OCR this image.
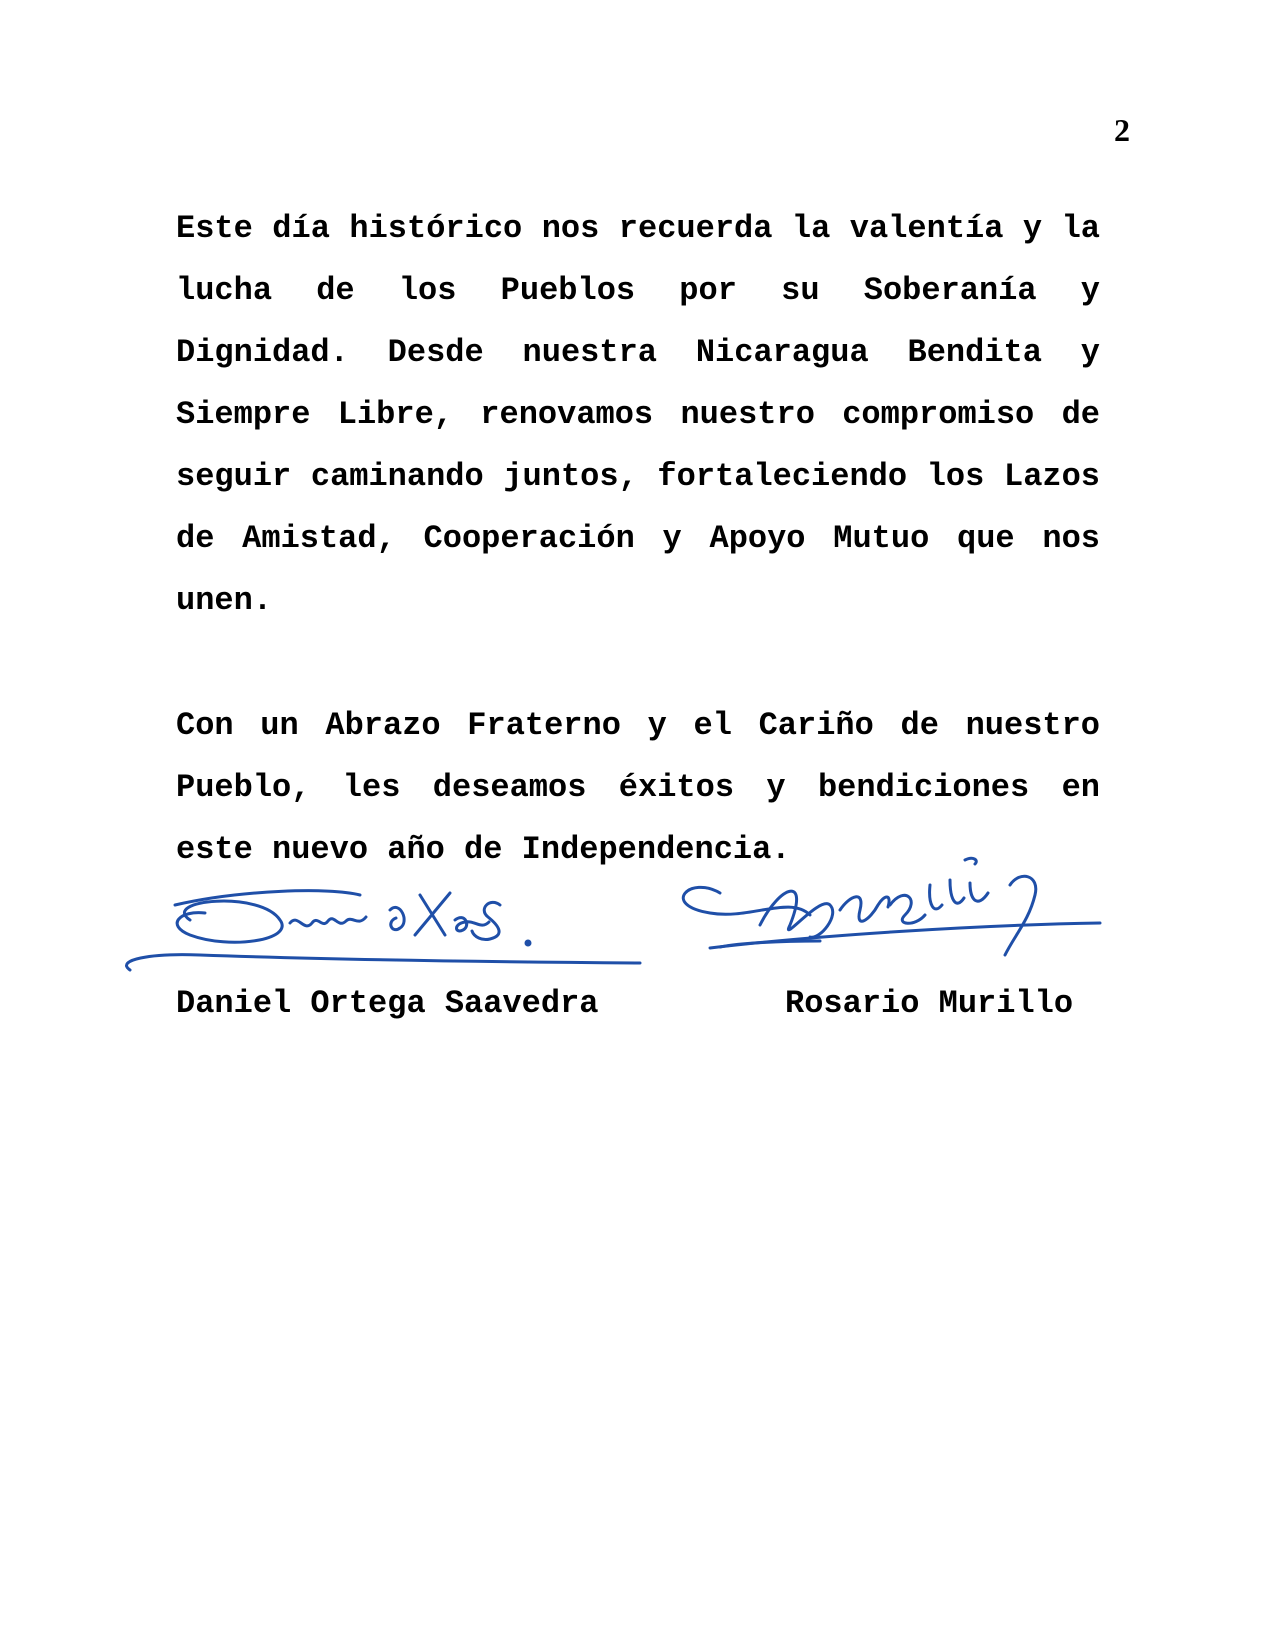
2

Este día histórico nos recuerda la valentía y la lucha de los Pueblos por su Soberanía y Dignidad. Desde nuestra Nicaragua Bendita y Siempre Libre, renovamos nuestro compromiso de seguir caminando juntos, fortaleciendo los Lazos de Amistad, Cooperación y Apoyo Mutuo que nos unen.

Con un Abrazo Fraterno y el Cariño de nuestro Pueblo, les deseamos éxitos y bendiciones en este nuevo año de Independencia.

Daniel Ortega Saavedra	Rosario Murillo
